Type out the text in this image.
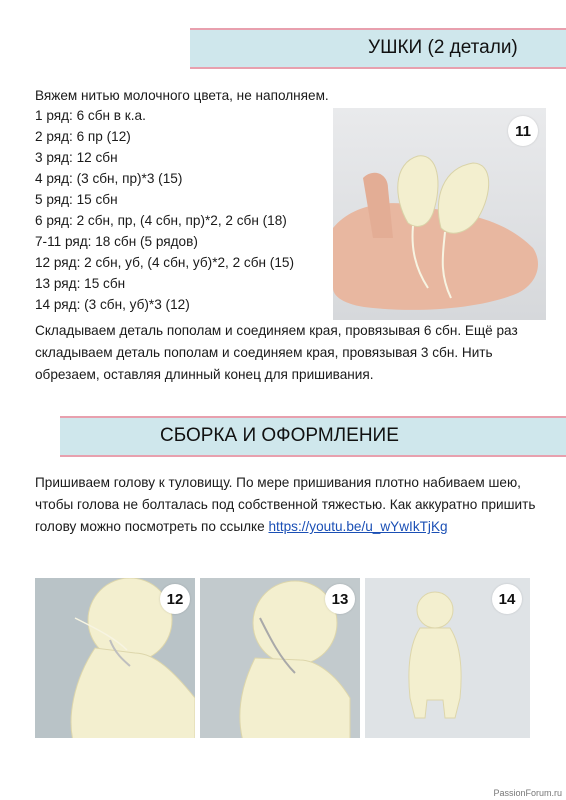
УШКИ (2 детали)
Вяжем нитью молочного цвета, не наполняем.
1 ряд: 6 сбн в к.а.
2 ряд: 6 пр (12)
3 ряд: 12 сбн
4 ряд: (3 сбн, пр)*3 (15)
5 ряд: 15 сбн
6 ряд: 2 сбн, пр, (4 сбн, пр)*2, 2 сбн (18)
7-11 ряд: 18 сбн (5 рядов)
12 ряд: 2 сбн, уб, (4 сбн, уб)*2, 2 сбн (15)
13 ряд: 15 сбн
14 ряд: (3 сбн, уб)*3 (12)
11
Складываем деталь пополам и соединяем края, провязывая 6 сбн. Ещё раз складываем деталь пополам и соединяем края, провязывая 3 сбн. Нить обрезаем, оставляя длинный конец для пришивания.
СБОРКА И ОФОРМЛЕНИЕ
Пришиваем голову к туловищу. По мере пришивания плотно набиваем шею, чтобы голова не болталась под собственной тяжестью. Как аккуратно пришить голову можно посмотреть по ссылке https://youtu.be/u_wYwIkTjKg
12	13	14
PassionForum.ru
